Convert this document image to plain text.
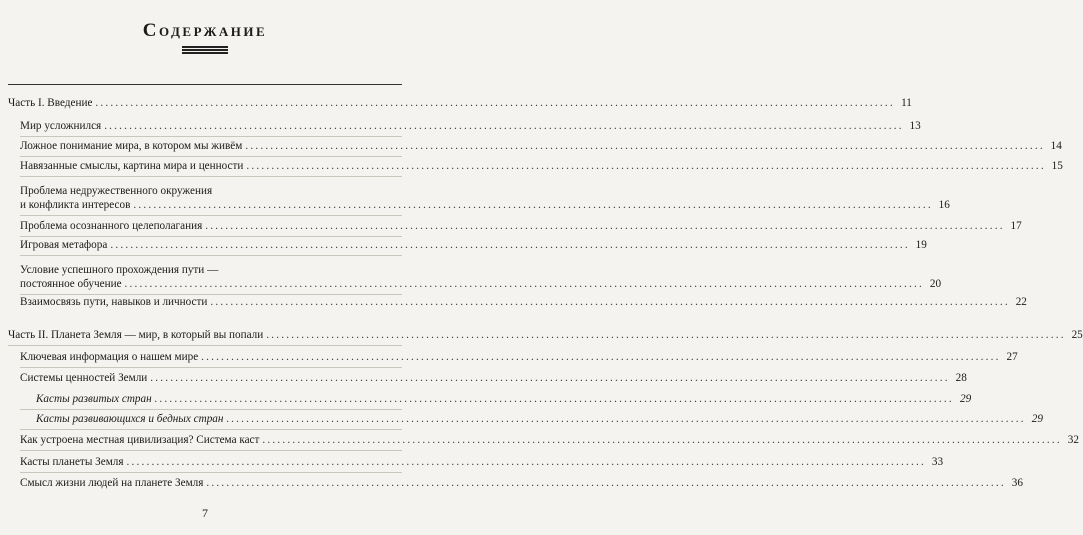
Содержание
Часть I. Введение ................................................................................................................................................................ 11
Мир усложнился ................................................................................................................................................................ 13
Ложное понимание мира, в котором мы живём ................................................................................................................................................................ 14
Навязанные смыслы, картина мира и ценности ................................................................................................................................................................ 15
Проблема недружественного окружения
и конфликта интересов ................................................................................................................................................................ 16
Проблема осознанного целеполагания ................................................................................................................................................................ 17
Игровая метафора ................................................................................................................................................................ 19
Условие успешного прохождения пути —
постоянное обучение ................................................................................................................................................................ 20
Взаимосвязь пути, навыков и личности ................................................................................................................................................................ 22
Часть II. Планета Земля — мир, в который вы попали ................................................................................................................................................................ 25
Ключевая информация о нашем мире ................................................................................................................................................................ 27
Системы ценностей Земли ................................................................................................................................................................ 28
Касты развитых стран ................................................................................................................................................................ 29
Касты развивающихся и бедных стран ................................................................................................................................................................ 29
Как устроена местная цивилизация? Система каст ................................................................................................................................................................ 32
Касты планеты Земля ................................................................................................................................................................ 33
Смысл жизни людей на планете Земля ................................................................................................................................................................ 36
7
